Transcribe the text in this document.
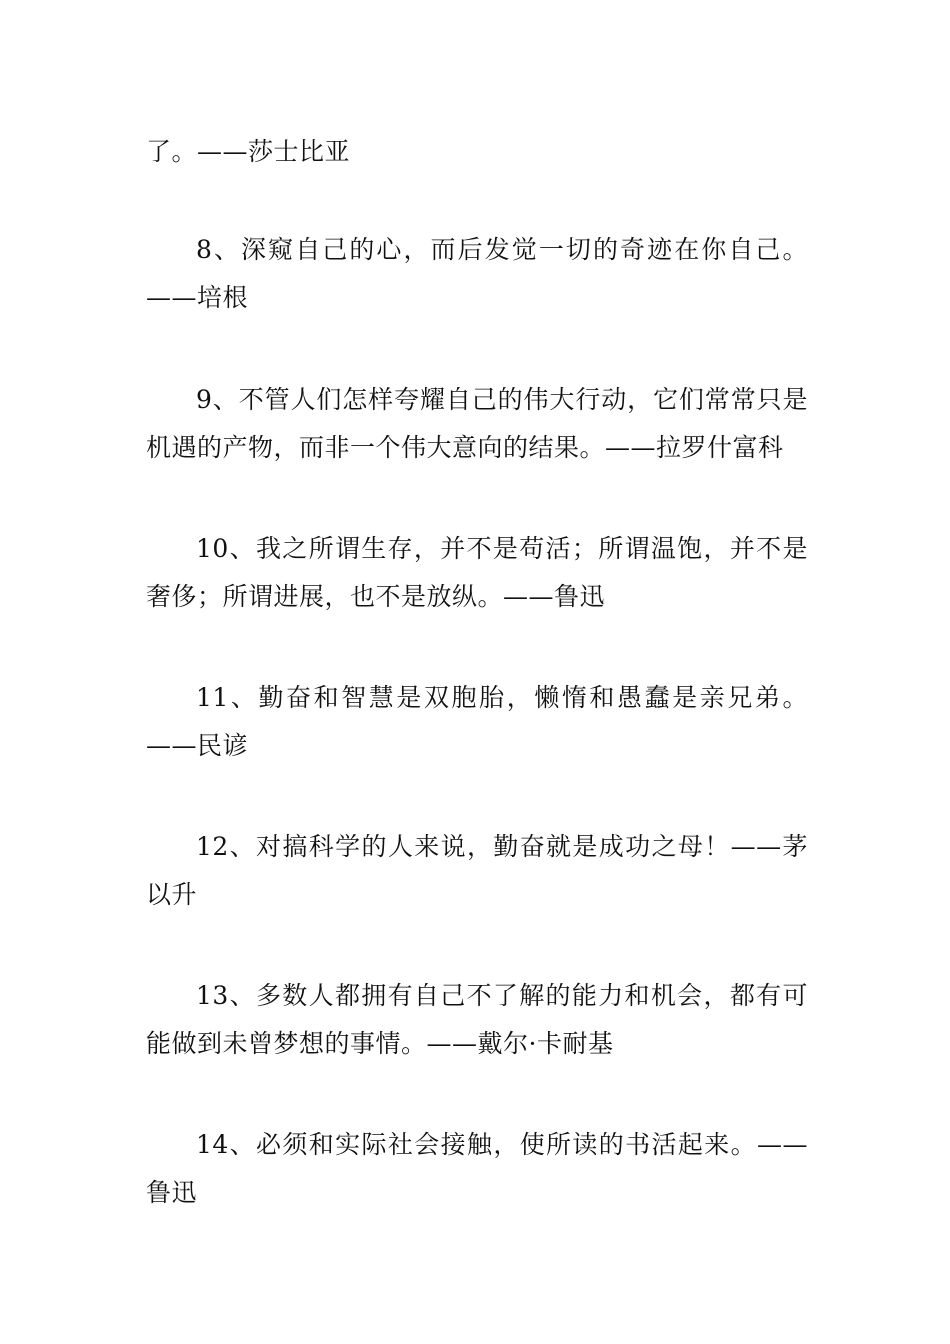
了。——莎士比亚

8、深窥自己的心，而后发觉一切的奇迹在你自己。——培根

9、不管人们怎样夸耀自己的伟大行动，它们常常只是机遇的产物，而非一个伟大意向的结果。——拉罗什富科

10、我之所谓生存，并不是苟活；所谓温饱，并不是奢侈；所谓进展，也不是放纵。——鲁迅

11、勤奋和智慧是双胞胎，懒惰和愚蠢是亲兄弟。——民谚

12、对搞科学的人来说，勤奋就是成功之母！——茅以升

13、多数人都拥有自己不了解的能力和机会，都有可能做到未曾梦想的事情。——戴尔·卡耐基

14、必须和实际社会接触，使所读的书活起来。——鲁迅
